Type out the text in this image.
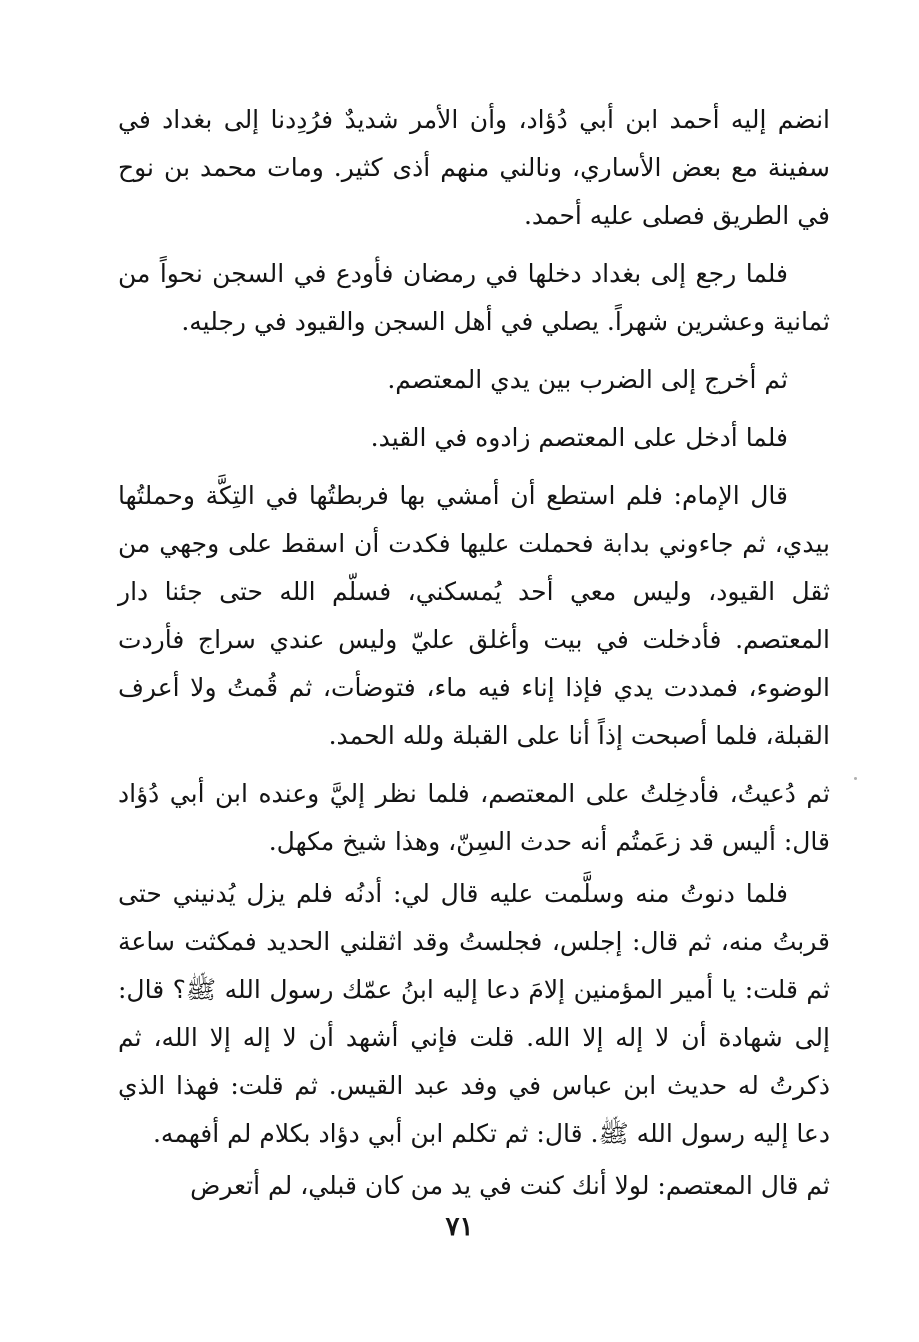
انضم إليه أحمد ابن أبي دُؤاد، وأن الأمر شديدٌ فرُدِدنا إلى بغداد في سفينة مع بعض الأساري، ونالني منهم أذى كثير. ومات محمد بن نوح في الطريق فصلى عليه أحمد.

فلما رجع إلى بغداد دخلها في رمضان فأودع في السجن نحواً من ثمانية وعشرين شهراً. يصلي في أهل السجن والقيود في رجليه.

ثم أخرج إلى الضرب بين يدي المعتصم.

فلما أدخل على المعتصم زادوه في القيد.

قال الإمام: فلم استطع أن أمشي بها فربطتُها في التِكَّة وحملتُها بيدي، ثم جاءوني بدابة فحملت عليها فكدت أن اسقط على وجهي من ثقل القيود، وليس معي أحد يُمسكني، فسلّم الله حتى جئنا دار المعتصم. فأدخلت في بيت وأغلق عليّ وليس عندي سراج فأردت الوضوء، فمددت يدي فإذا إناء فيه ماء، فتوضأت، ثم قُمتُ ولا أعرف القبلة، فلما أصبحت إذاً أنا على القبلة ولله الحمد.

ثم دُعيتُ، فأدخِلتُ على المعتصم، فلما نظر إليَّ وعنده ابن أبي دُؤاد قال: أليس قد زعَمتُم أنه حدث السِنّ، وهذا شيخ مكهل.

فلما دنوتُ منه وسلَّمت عليه قال لي: أدنُه فلم يزل يُدنيني حتى قربتُ منه، ثم قال: إجلس، فجلستُ وقد اثقلني الحديد فمكثت ساعة ثم قلت: يا أمير المؤمنين إلامَ دعا إليه ابنُ عمّك رسول الله ﷺ؟ قال: إلى شهادة أن لا إله إلا الله. قلت فإني أشهد أن لا إله إلا الله، ثم ذكرتُ له حديث ابن عباس في وفد عبد القيس. ثم قلت: فهذا الذي دعا إليه رسول الله ﷺ. قال: ثم تكلم ابن أبي دؤاد بكلام لم أفهمه.

ثم قال المعتصم: لولا أنك كنت في يد من كان قبلي، لم أتعرض

٧١
